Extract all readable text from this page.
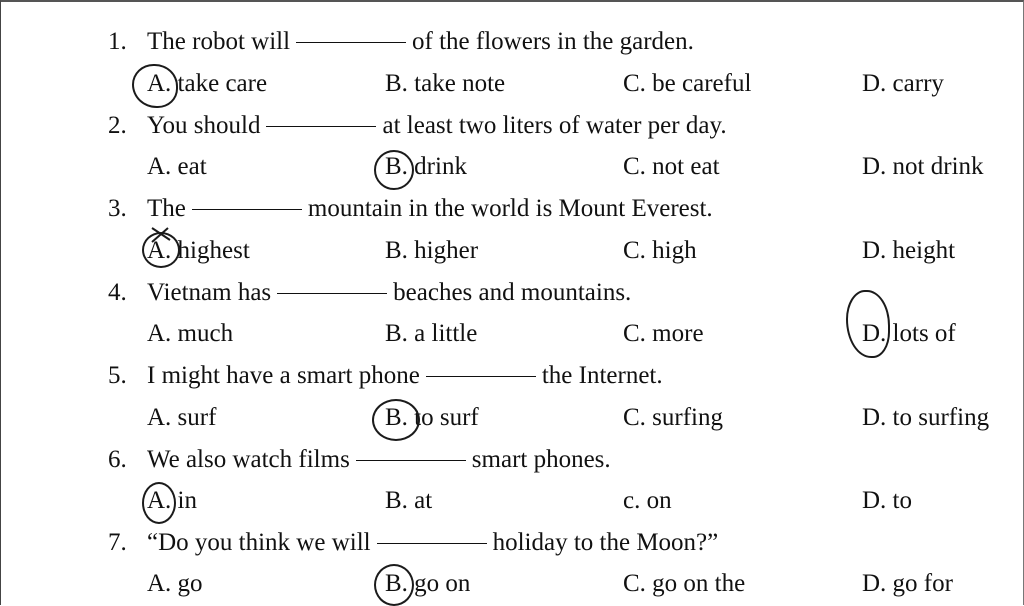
1. The robot will	of the flowers in the garden.
A. take care	B. take note	C. be careful	D. carry
2. You should	at least two liters of water per day.
A. eat	B. drink	C. not eat	D. not drink
3. The	mountain in the world is Mount Everest.
A. highest	B. higher	C. high	D. height
4. Vietnam has	beaches and mountains.
A. much	B. a little	C. more	D. lots of
5. I might have a smart phone	the Internet.
A. surf	B. to surf	C. surfing	D. to surfing
6. We also watch films	smart phones.
A. in	B. at	c. on	D. to
7. “Do you think we will	holiday to the Moon?”
A. go	B. go on	C. go on the	D. go for
